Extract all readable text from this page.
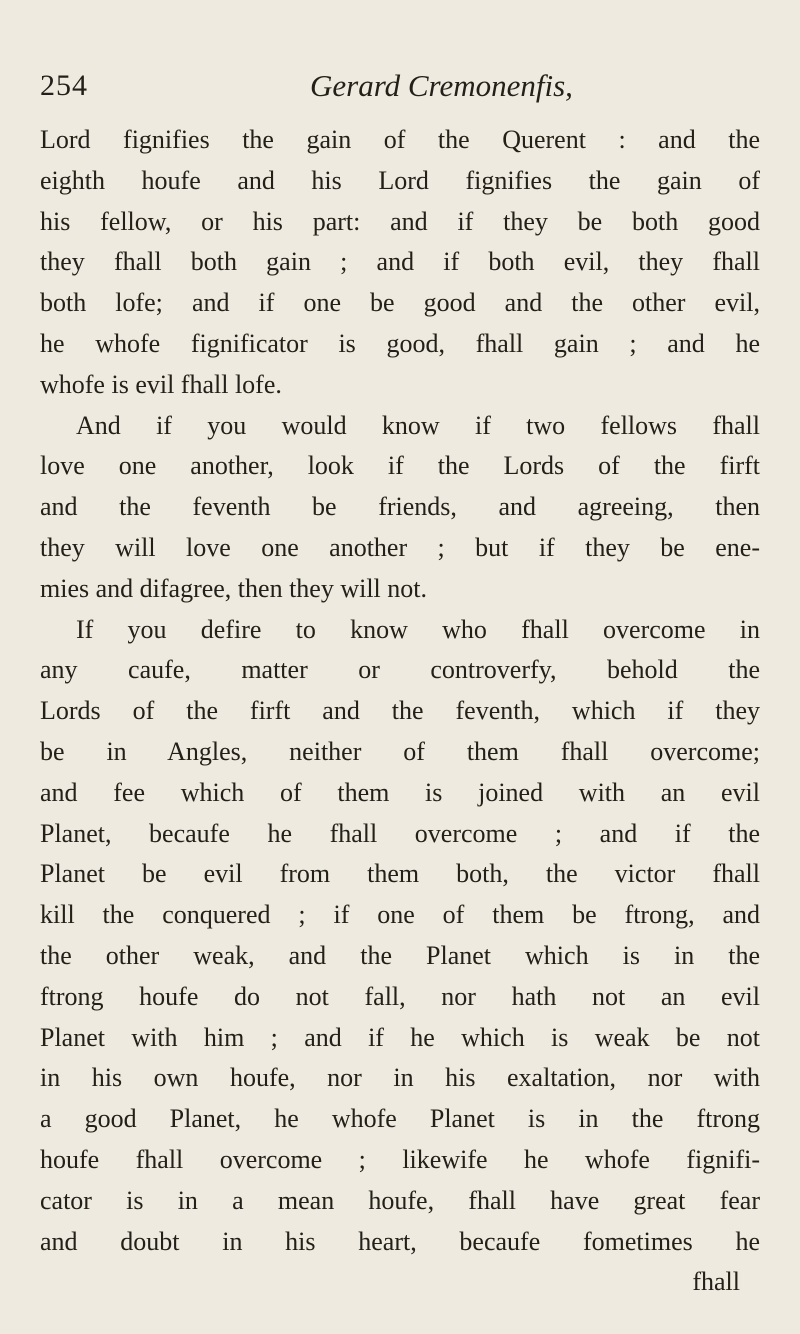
254	Gerard Cremonenfis,
Lord fignifies the gain of the Querent : and the
eighth houfe and his Lord fignifies the gain of
his fellow, or his part: and if they be both good
they fhall both gain ; and if both evil, they fhall
both lofe; and if one be good and the other evil,
he whofe fignificator is good, fhall gain ; and he
whofe is evil fhall lofe.
And if you would know if two fellows fhall
love one another, look if the Lords of the firft
and the feventh be friends, and agreeing, then
they will love one another ; but if they be ene-
mies and difagree, then they will not.
If you defire to know who fhall overcome in
any caufe, matter or controverfy, behold the
Lords of the firft and the feventh, which if they
be in Angles, neither of them fhall overcome;
and fee which of them is joined with an evil
Planet, becaufe he fhall overcome ; and if the
Planet be evil from them both, the victor fhall
kill the conquered ; if one of them be ftrong, and
the other weak, and the Planet which is in the
ftrong houfe do not fall, nor hath not an evil
Planet with him ; and if he which is weak be not
in his own houfe, nor in his exaltation, nor with
a good Planet, he whofe Planet is in the ftrong
houfe fhall overcome ; likewife he whofe fignifi-
cator is in a mean houfe, fhall have great fear
and doubt in his heart, becaufe fometimes he
fhall
